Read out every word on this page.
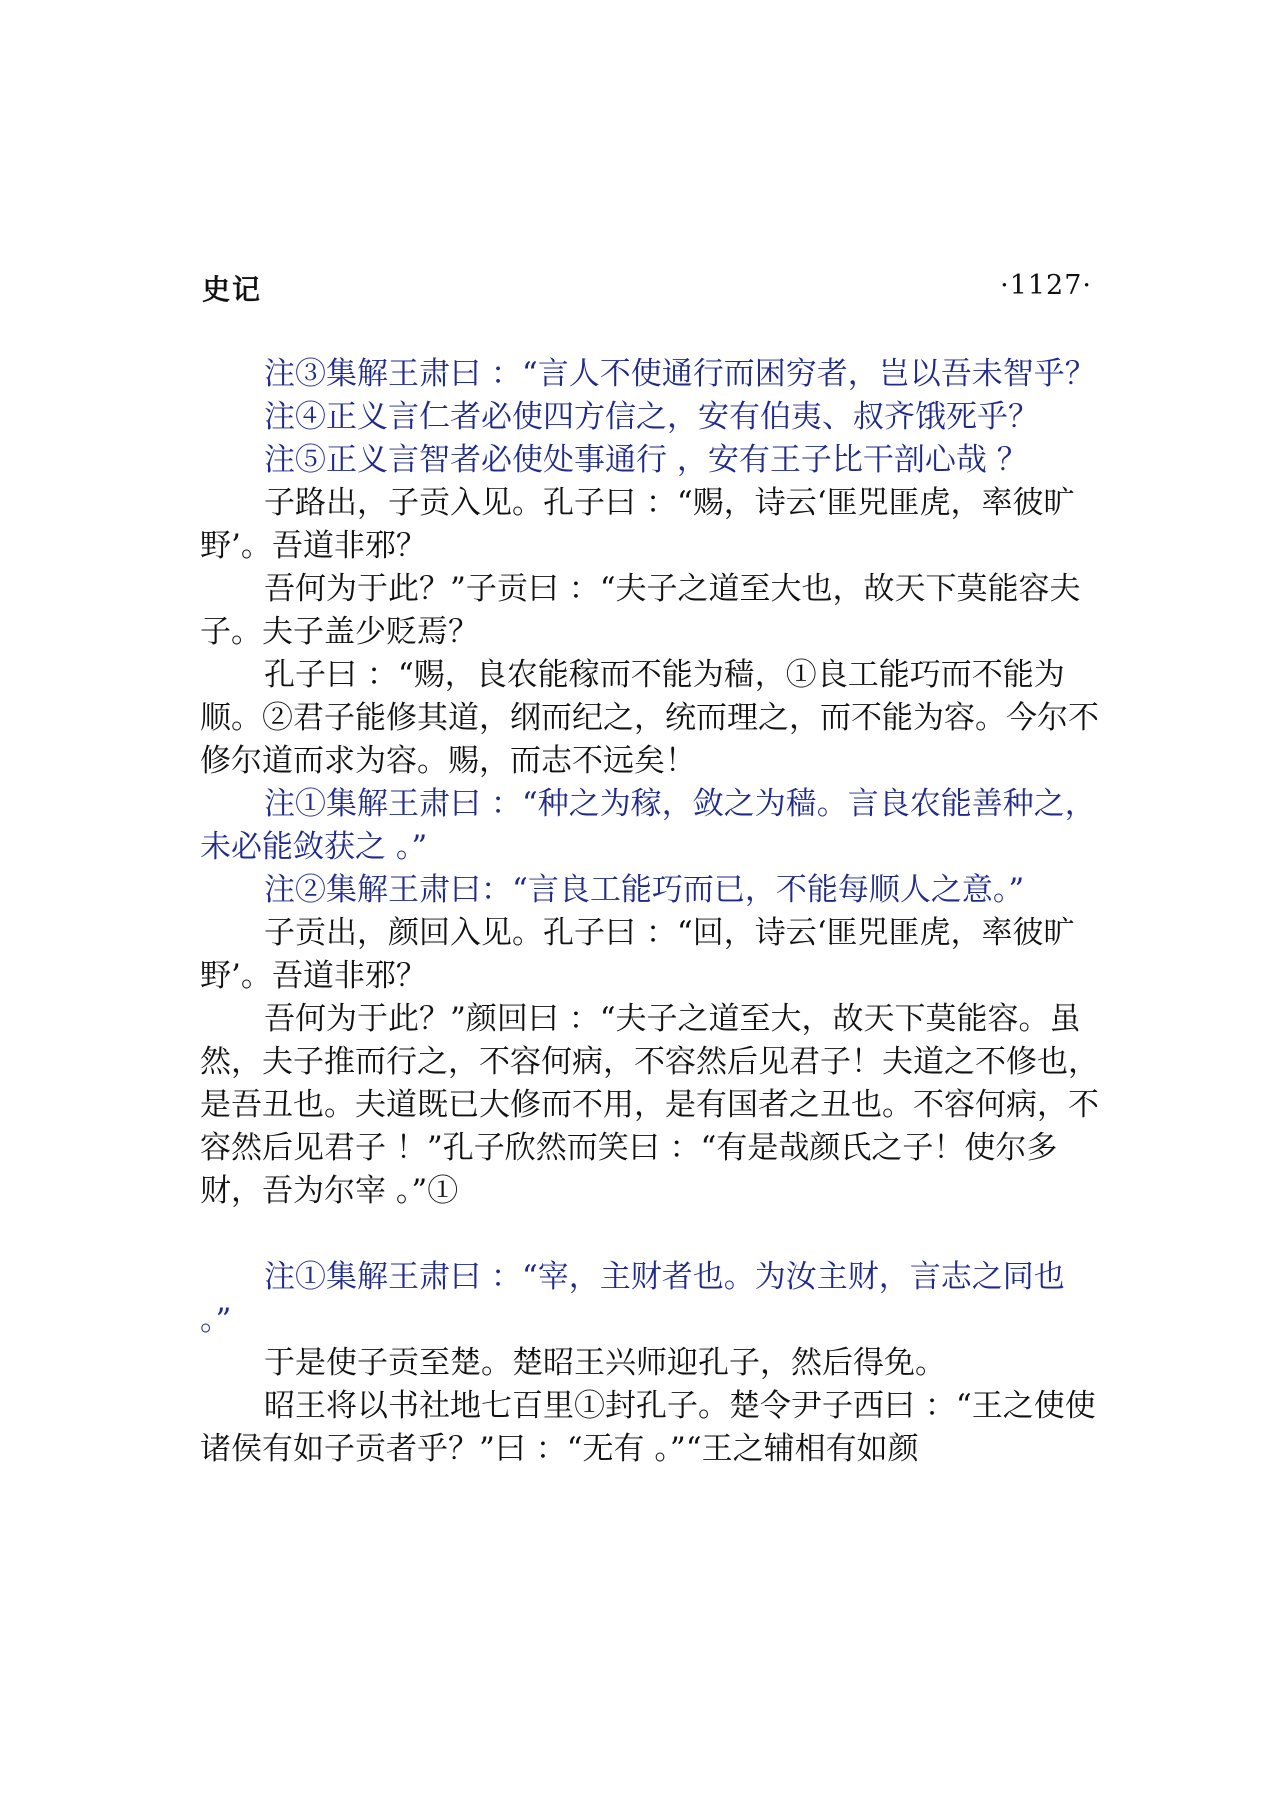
史记	·1127·

注③集解王肃曰 ：“言人不使通行而困穷者，岂以吾未智乎？

注④正义言仁者必使四方信之，安有伯夷、叔齐饿死乎？

注⑤正义言智者必使处事通行 ，安有王子比干剖心哉 ？

子路出，子贡入见。孔子曰 ：“赐，诗云‘匪兕匪虎，率彼旷野’。吾道非邪？

吾何为于此？”子贡曰 ：“夫子之道至大也，故天下莫能容夫子。夫子盖少贬焉？

孔子曰 ：“赐，良农能稼而不能为穑，①良工能巧而不能为顺。②君子能修其道，纲而纪之，统而理之，而不能为容。今尔不修尔道而求为容。赐，而志不远矣！

注①集解王肃曰 ：“种之为稼，敛之为穑。言良农能善种之，未必能敛获之 。”

注②集解王肃曰：“言良工能巧而已，不能每顺人之意。”

子贡出，颜回入见。孔子曰 ：“回，诗云‘匪兕匪虎，率彼旷野’。吾道非邪？

吾何为于此？”颜回曰 ：“夫子之道至大，故天下莫能容。虽然，夫子推而行之，不容何病，不容然后见君子！夫道之不修也，是吾丑也。夫道既已大修而不用，是有国者之丑也。不容何病，不容然后见君子 ！”孔子欣然而笑曰 ：“有是哉颜氏之子！使尔多财，吾为尔宰 。”①

注①集解王肃曰 ：“宰，主财者也。为汝主财，言志之同也 。”

于是使子贡至楚。楚昭王兴师迎孔子，然后得免。

昭王将以书社地七百里①封孔子。楚令尹子西曰 ：“王之使使诸侯有如子贡者乎？”曰 ：“无有 。”“王之辅相有如颜
